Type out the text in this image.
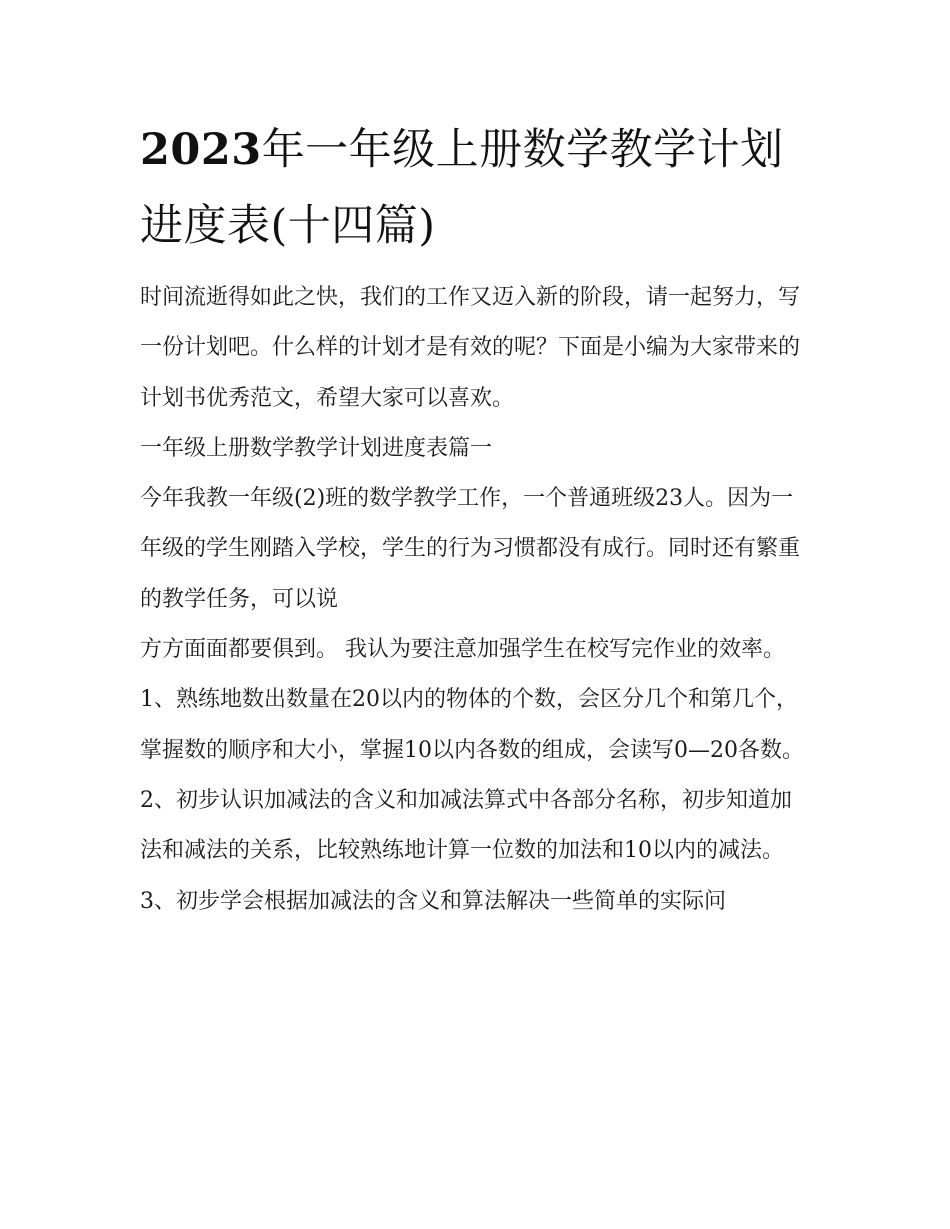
2023年一年级上册数学教学计划进度表(十四篇)

时间流逝得如此之快，我们的工作又迈入新的阶段，请一起努力，写一份计划吧。什么样的计划才是有效的呢？下面是小编为大家带来的计划书优秀范文，希望大家可以喜欢。

一年级上册数学教学计划进度表篇一

今年我教一年级(2)班的数学教学工作，一个普通班级23人。因为一年级的学生刚踏入学校，学生的行为习惯都没有成行。同时还有繁重的教学任务，可以说

方方面面都要俱到。 我认为要注意加强学生在校写完作业的效率。

1、熟练地数出数量在20以内的物体的个数，会区分几个和第几个，掌握数的顺序和大小，掌握10以内各数的组成，会读写0—20各数。

2、初步认识加减法的含义和加减法算式中各部分名称，初步知道加法和减法的关系，比较熟练地计算一位数的加法和10以内的减法。

3、初步学会根据加减法的含义和算法解决一些简单的实际问
